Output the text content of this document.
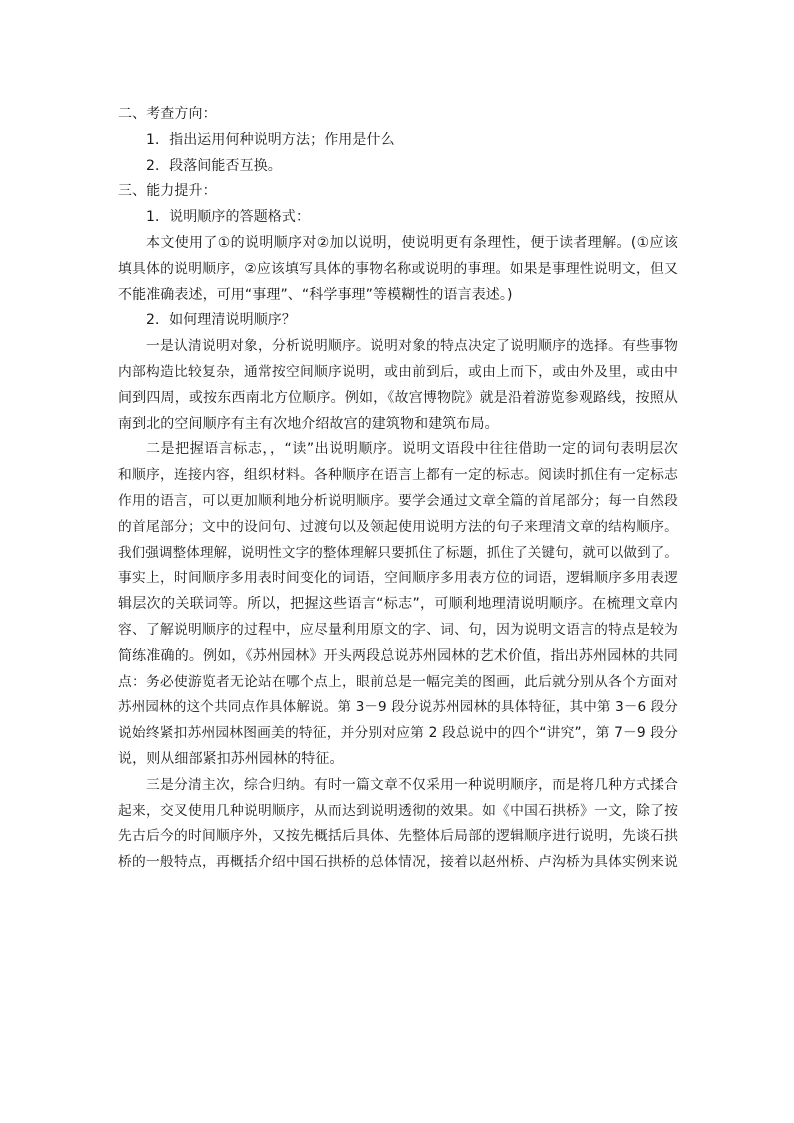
二、考查方向：
1．指出运用何种说明方法；作用是什么
2．段落间能否互换。
三、能力提升：
1．说明顺序的答题格式：
本文使用了①的说明顺序对②加以说明，使说明更有条理性，便于读者理解。(①应该
填具体的说明顺序，②应该填写具体的事物名称或说明的事理。如果是事理性说明文，但又
不能准确表述，可用“事理”、“科学事理”等模糊性的语言表述。)
2．如何理清说明顺序？
一是认清说明对象，分析说明顺序。说明对象的特点决定了说明顺序的选择。有些事物
内部构造比较复杂，通常按空间顺序说明，或由前到后，或由上而下，或由外及里，或由中
间到四周，或按东西南北方位顺序。例如，《故宫博物院》就是沿着游览参观路线，按照从
南到北的空间顺序有主有次地介绍故宫的建筑物和建筑布局。
二是把握语言标志，，“读”出说明顺序。说明文语段中往往借助一定的词句表明层次
和顺序，连接内容，组织材料。各种顺序在语言上都有一定的标志。阅读时抓住有一定标志
作用的语言，可以更加顺利地分析说明顺序。要学会通过文章全篇的首尾部分；每一自然段
的首尾部分；文中的设问句、过渡句以及领起使用说明方法的句子来理清文章的结构顺序。
我们强调整体理解，说明性文字的整体理解只要抓住了标题，抓住了关键句，就可以做到了。
事实上，时间顺序多用表时间变化的词语，空间顺序多用表方位的词语，逻辑顺序多用表逻
辑层次的关联词等。所以，把握这些语言“标志”，可顺利地理清说明顺序。在梳理文章内
容、了解说明顺序的过程中，应尽量利用原文的字、词、句，因为说明文语言的特点是较为
简练准确的。例如，《苏州园林》开头两段总说苏州园林的艺术价值，指出苏州园林的共同
点：务必使游览者无论站在哪个点上，眼前总是一幅完美的图画，此后就分别从各个方面对
苏州园林的这个共同点作具体解说。第 3－9 段分说苏州园林的具体特征，其中第 3－6 段分
说始终紧扣苏州园林图画美的特征，并分别对应第 2 段总说中的四个“讲究”，第 7－9 段分
说，则从细部紧扣苏州园林的特征。
三是分清主次，综合归纳。有时一篇文章不仅采用一种说明顺序，而是将几种方式揉合
起来，交叉使用几种说明顺序，从而达到说明透彻的效果。如《中国石拱桥》一文，除了按
先古后今的时间顺序外，又按先概括后具体、先整体后局部的逻辑顺序进行说明，先谈石拱
桥的一般特点，再概括介绍中国石拱桥的总体情况，接着以赵州桥、卢沟桥为具体实例来说
